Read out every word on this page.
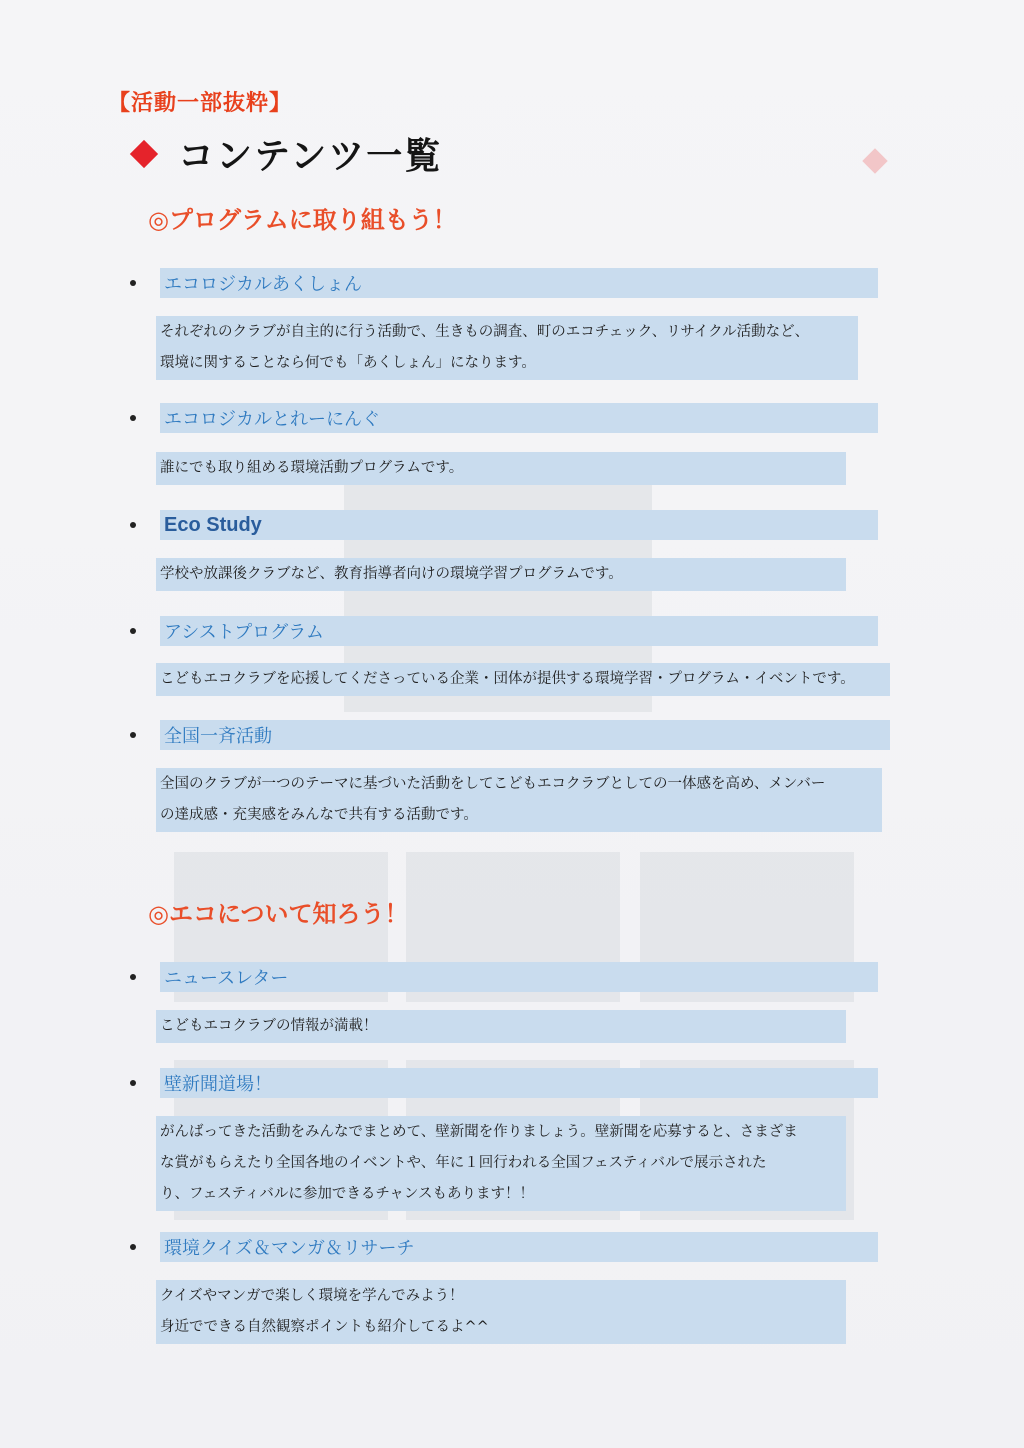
【活動一部抜粋】
コンテンツ一覧
◎プログラムに取り組もう！
エコロジカルあくしょん
それぞれのクラブが自主的に行う活動で、生きもの調査、町のエコチェック、リサイクル活動など、
環境に関することなら何でも「あくしょん」になります。
エコロジカルとれーにんぐ
誰にでも取り組める環境活動プログラムです。
Eco Study
学校や放課後クラブなど、教育指導者向けの環境学習プログラムです。
アシストプログラム
こどもエコクラブを応援してくださっている企業・団体が提供する環境学習・プログラム・イベントです。
全国一斉活動
全国のクラブが一つのテーマに基づいた活動をしてこどもエコクラブとしての一体感を高め、メンバー
の達成感・充実感をみんなで共有する活動です。
◎エコについて知ろう！
ニュースレター
こどもエコクラブの情報が満載！
壁新聞道場！
がんばってきた活動をみんなでまとめて、壁新聞を作りましょう。壁新聞を応募すると、さまざま
な賞がもらえたり全国各地のイベントや、年に１回行われる全国フェスティバルで展示された
り、フェスティバルに参加できるチャンスもあります！！
環境クイズ＆マンガ＆リサーチ
クイズやマンガで楽しく環境を学んでみよう！
身近でできる自然観察ポイントも紹介してるよ^^
